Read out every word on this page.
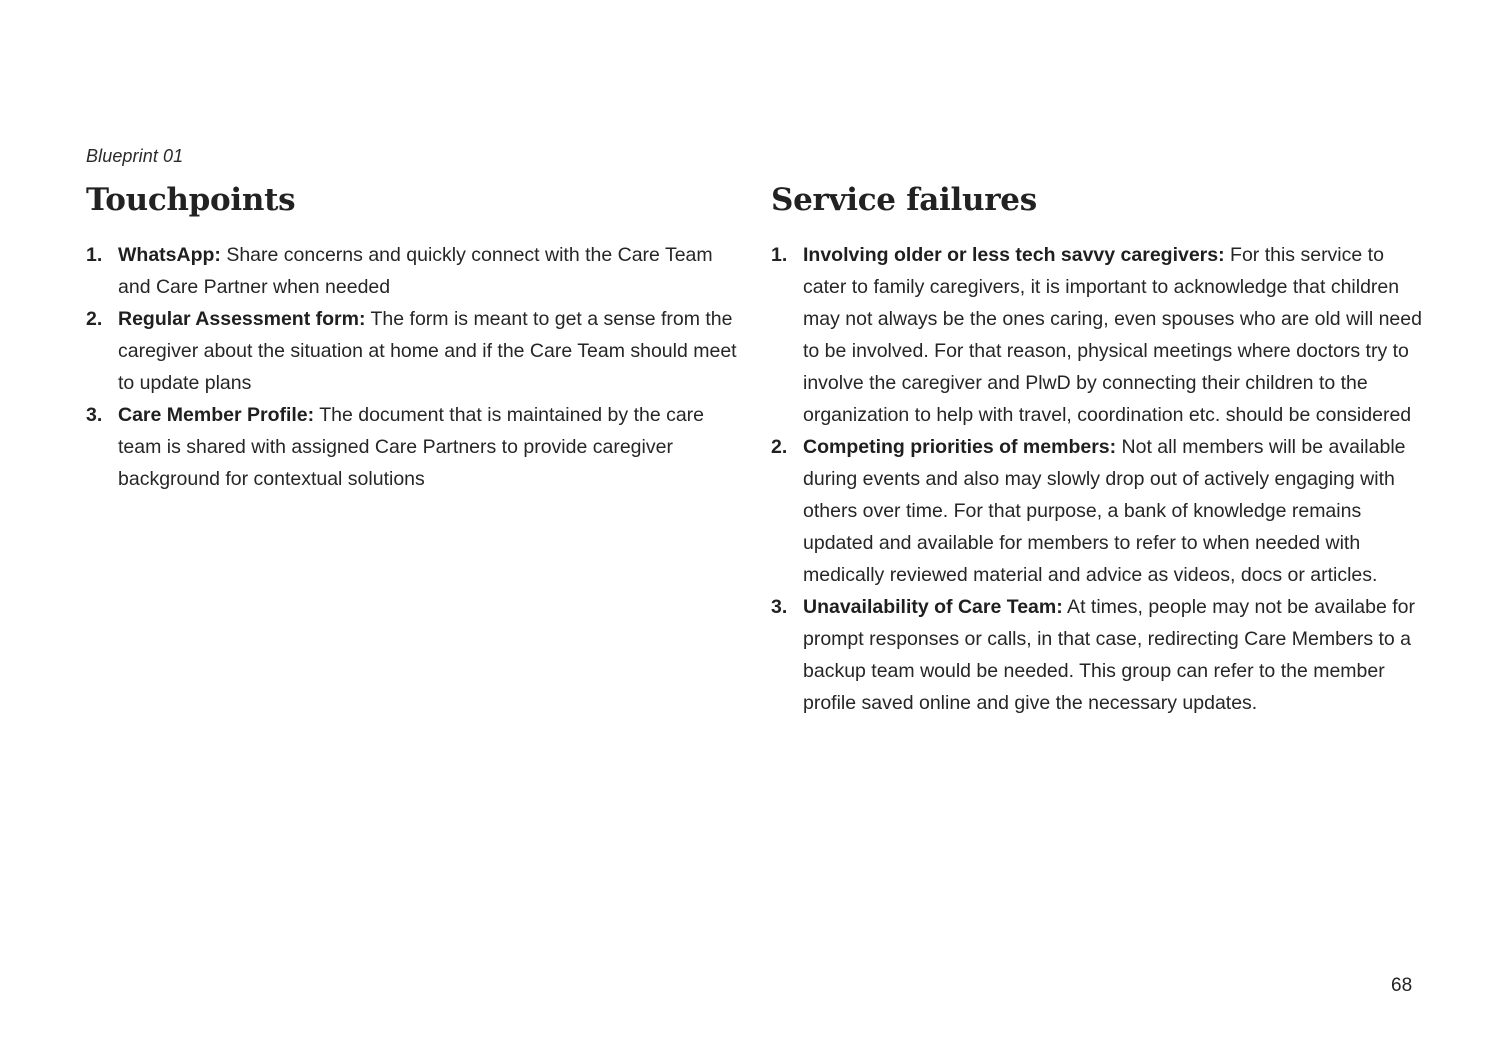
Blueprint 01
Touchpoints
1. WhatsApp: Share concerns and quickly connect with the Care Team and Care Partner when needed
2. Regular Assessment form: The form is meant to get a sense from the caregiver about the situation at home and if the Care Team should meet to update plans
3. Care Member Profile: The document that is maintained by the care team is shared with assigned Care Partners to provide caregiver background for contextual solutions
Service failures
1. Involving older or less tech savvy caregivers: For this service to cater to family caregivers, it is important to acknowledge that children may not always be the ones caring, even spouses who are old will need to be involved. For that reason, physical meetings where doctors try to involve the caregiver and PlwD by connecting their children to the organization to help with travel, coordination etc. should be considered
2. Competing priorities of members: Not all members will be available during events and also may slowly drop out of actively engaging with others over time. For that purpose, a bank of knowledge remains updated and available for members to refer to when needed with medically reviewed material and advice as videos, docs or articles.
3. Unavailability of Care Team: At times, people may not be availabe for prompt responses or calls, in that case, redirecting Care Members to a backup team would be needed. This group can refer to the member profile saved online and give the necessary updates.
68
